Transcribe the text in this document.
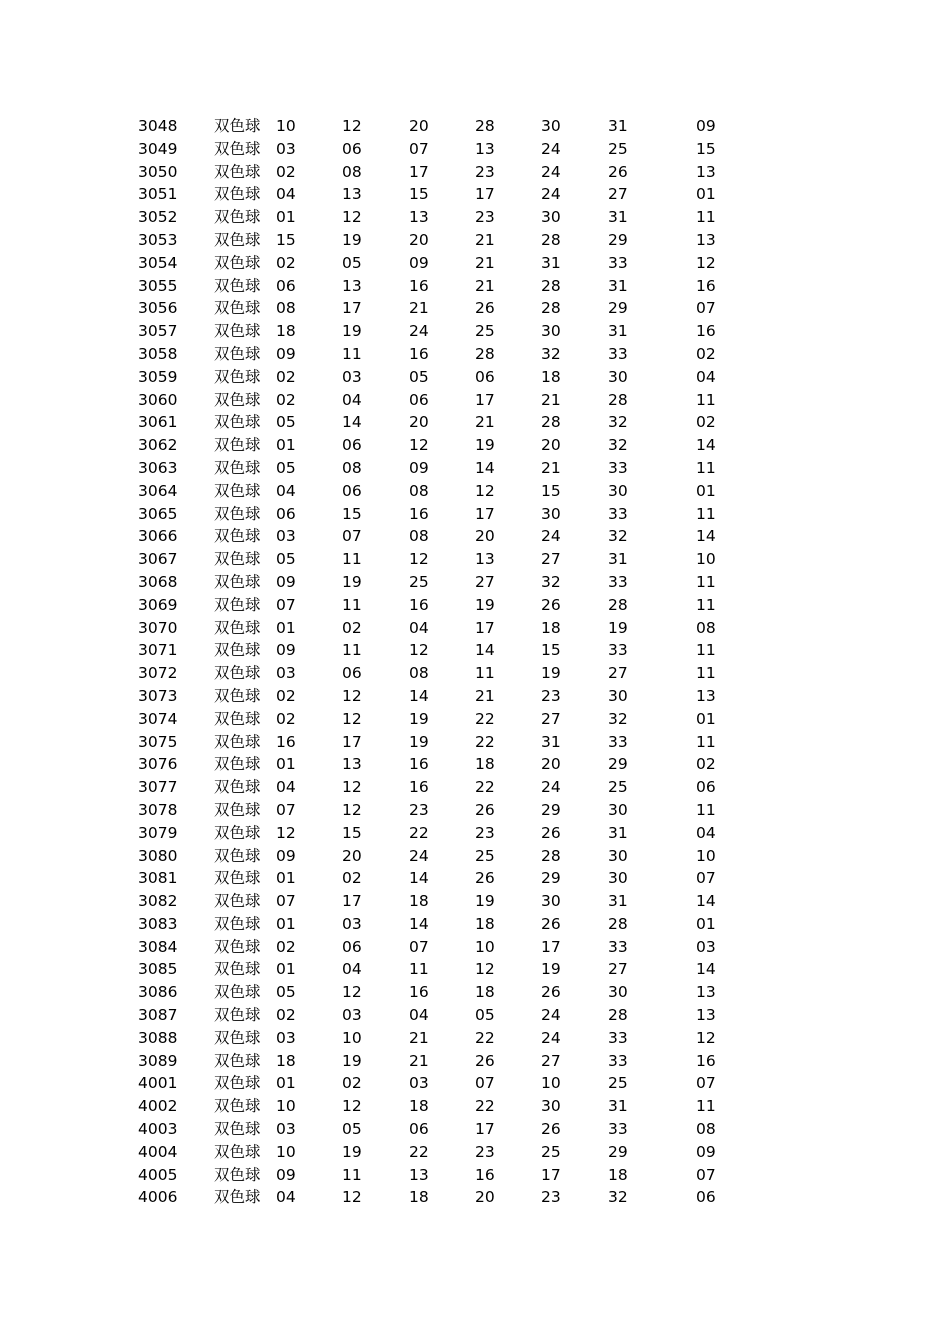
3048 双色球 10	12	20	28	30	31	09
3049 双色球 03	06	07	13	24	25	15
3050 双色球 02	08	17	23	24	26	13
3051 双色球 04	13	15	17	24	27	01
3052 双色球 01	12	13	23	30	31	11
3053 双色球 15	19	20	21	28	29	13
3054 双色球 02	05	09	21	31	33	12
3055 双色球 06	13	16	21	28	31	16
3056 双色球 08	17	21	26	28	29	07
3057 双色球 18	19	24	25	30	31	16
3058 双色球 09	11	16	28	32	33	02
3059 双色球 02	03	05	06	18	30	04
3060 双色球 02	04	06	17	21	28	11
3061 双色球 05	14	20	21	28	32	02
3062 双色球 01	06	12	19	20	32	14
3063 双色球 05	08	09	14	21	33	11
3064 双色球 04	06	08	12	15	30	01
3065 双色球 06	15	16	17	30	33	11
3066 双色球 03	07	08	20	24	32	14
3067 双色球 05	11	12	13	27	31	10
3068 双色球 09	19	25	27	32	33	11
3069 双色球 07	11	16	19	26	28	11
3070 双色球 01	02	04	17	18	19	08
3071 双色球 09	11	12	14	15	33	11
3072 双色球 03	06	08	11	19	27	11
3073 双色球 02	12	14	21	23	30	13
3074 双色球 02	12	19	22	27	32	01
3075 双色球 16	17	19	22	31	33	11
3076 双色球 01	13	16	18	20	29	02
3077 双色球 04	12	16	22	24	25	06
3078 双色球 07	12	23	26	29	30	11
3079 双色球 12	15	22	23	26	31	04
3080 双色球 09	20	24	25	28	30	10
3081 双色球 01	02	14	26	29	30	07
3082 双色球 07	17	18	19	30	31	14
3083 双色球 01	03	14	18	26	28	01
3084 双色球 02	06	07	10	17	33	03
3085 双色球 01	04	11	12	19	27	14
3086 双色球 05	12	16	18	26	30	13
3087 双色球 02	03	04	05	24	28	13
3088 双色球 03	10	21	22	24	33	12
3089 双色球 18	19	21	26	27	33	16
4001 双色球 01	02	03	07	10	25	07
4002 双色球 10	12	18	22	30	31	11
4003 双色球 03	05	06	17	26	33	08
4004 双色球 10	19	22	23	25	29	09
4005 双色球 09	11	13	16	17	18	07
4006 双色球 04	12	18	20	23	32	06
